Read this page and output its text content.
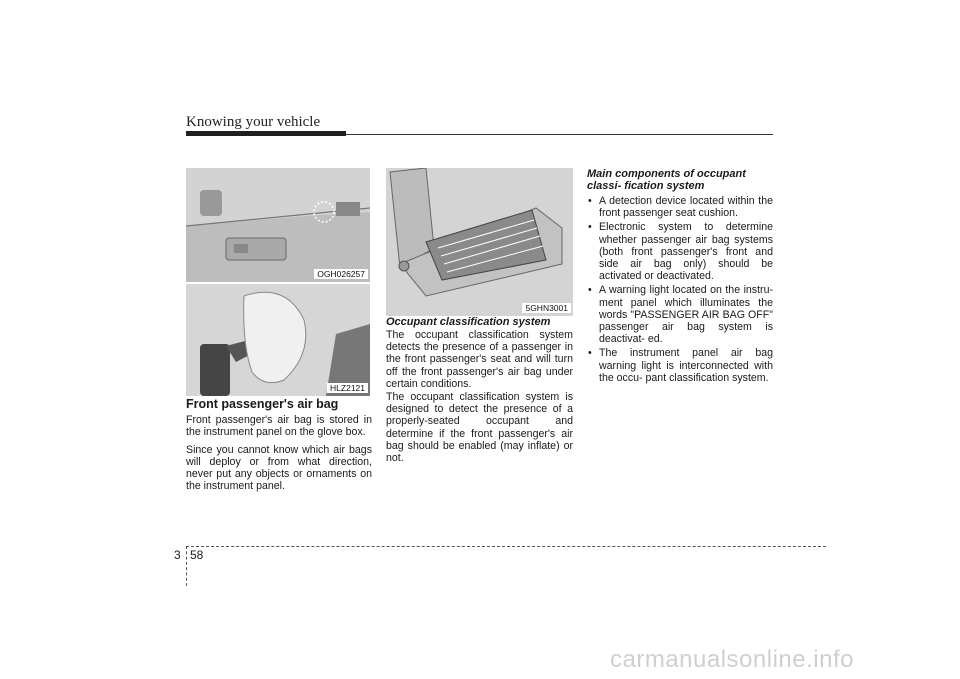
Knowing your vehicle
OGH026257
HLZ2121
Front passenger's air bag

Front passenger's air bag is stored in the instrument panel on the glove box.

Since you cannot know which air bags will deploy or from what direction, never put any objects or ornaments on the instrument panel.

5GHN3001
Occupant classification system

The occupant classification system detects the presence of a passenger in the front passenger's seat and will turn off the front passenger's air bag under certain conditions.

The occupant classification system is designed to detect the presence of a properly-seated occupant and determine if the front passenger's air bag should be enabled (may inflate) or not.

Main components of occupant classi- fication system
• A detection device located within the front passenger seat cushion.
• Electronic system to determine whether passenger air bag systems (both front passenger's front and side air bag only) should be activated or deactivated.
• A warning light located on the instru- ment panel which illuminates the words "PASSENGER AIR BAG OFF" passenger air bag system is deactivat- ed.
• The instrument panel air bag warning light is interconnected with the occu- pant classification system.
3 58
carmanualsonline.info
